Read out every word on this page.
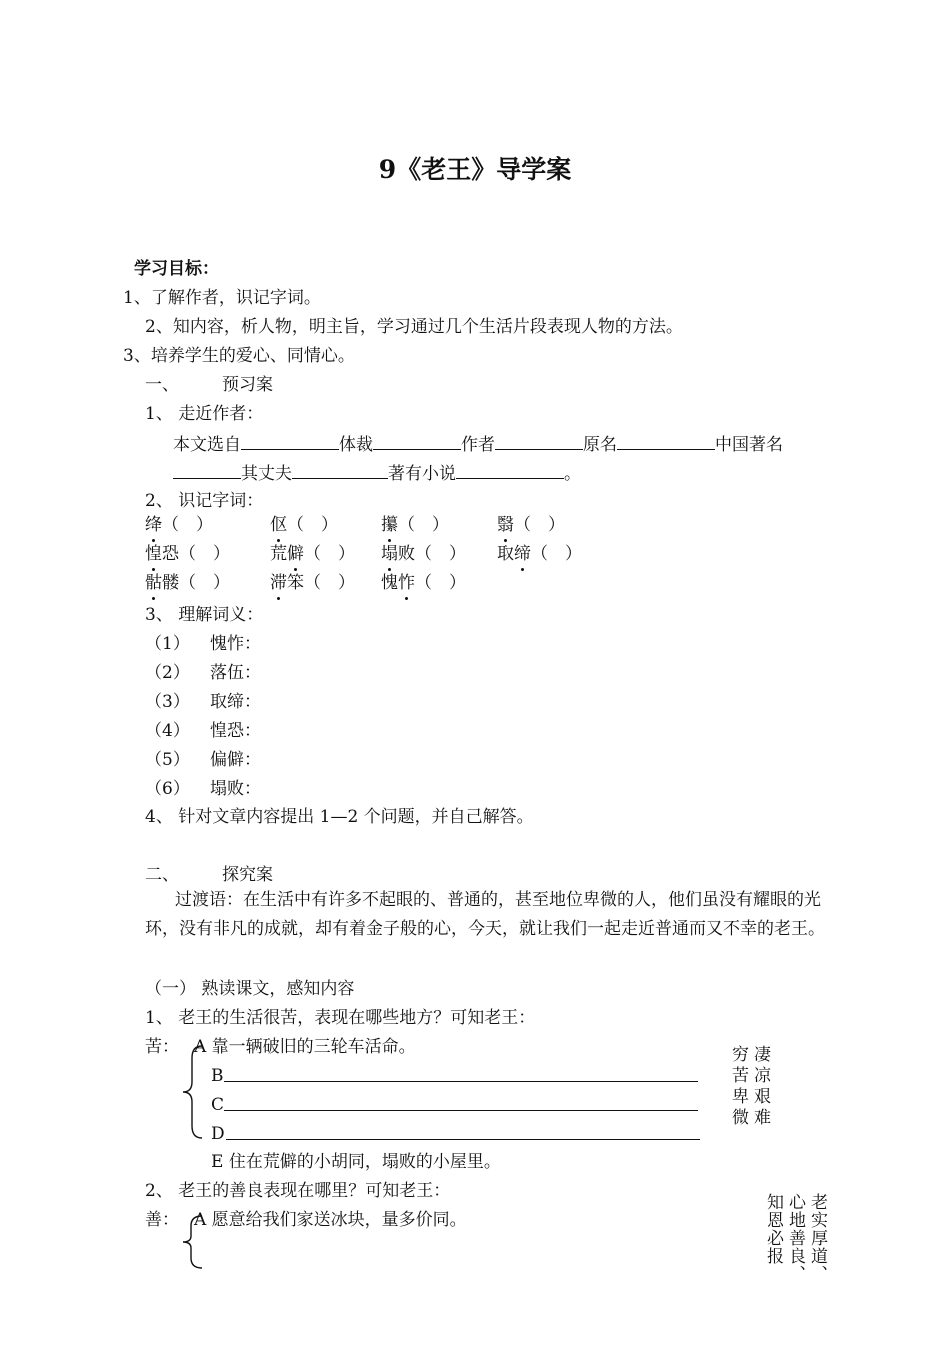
9《老王》导学案
学习目标：
1、了解作者，识记字词。
2、知内容，析人物，明主旨，学习通过几个生活片段表现人物的方法。
3、培养学生的爱心、同情心。
一、	预习案
1、 走近作者：
本文选自	体裁	作者	原名	中国著名
其丈夫	著有小说	。
2、 识记字词：
绛（　）	伛（　）	攥（　）	翳（　）
惶恐（　） 荒僻（　） 塌败（　） 取缔（　）
骷髅（　） 滞笨（　） 愧怍（　）
3、 理解词义：
（1） 愧怍：
（2） 落伍：
（3） 取缔：
（4） 惶恐：
（5） 偏僻：
（6） 塌败：
4、 针对文章内容提出 1—2 个问题，并自己解答。
二、	探究案
过渡语：在生活中有许多不起眼的、普通的，甚至地位卑微的人，他们虽没有耀眼的光环，没有非凡的成就，却有着金子般的心，今天，就让我们一起走近普通而又不幸的老王。
（一） 熟读课文，感知内容
1、 老王的生活很苦，表现在哪些地方？可知老王：
苦： A 靠一辆破旧的三轮车活命。
B
C
D
E 住在荒僻的小胡同，塌败的小屋里。
穷凄
苦凉
卑艰
微难
2、 老王的善良表现在哪里？可知老王：
善： A 愿意给我们家送冰块，量多价同。	老实厚道、
心地善良、
知恩必报
